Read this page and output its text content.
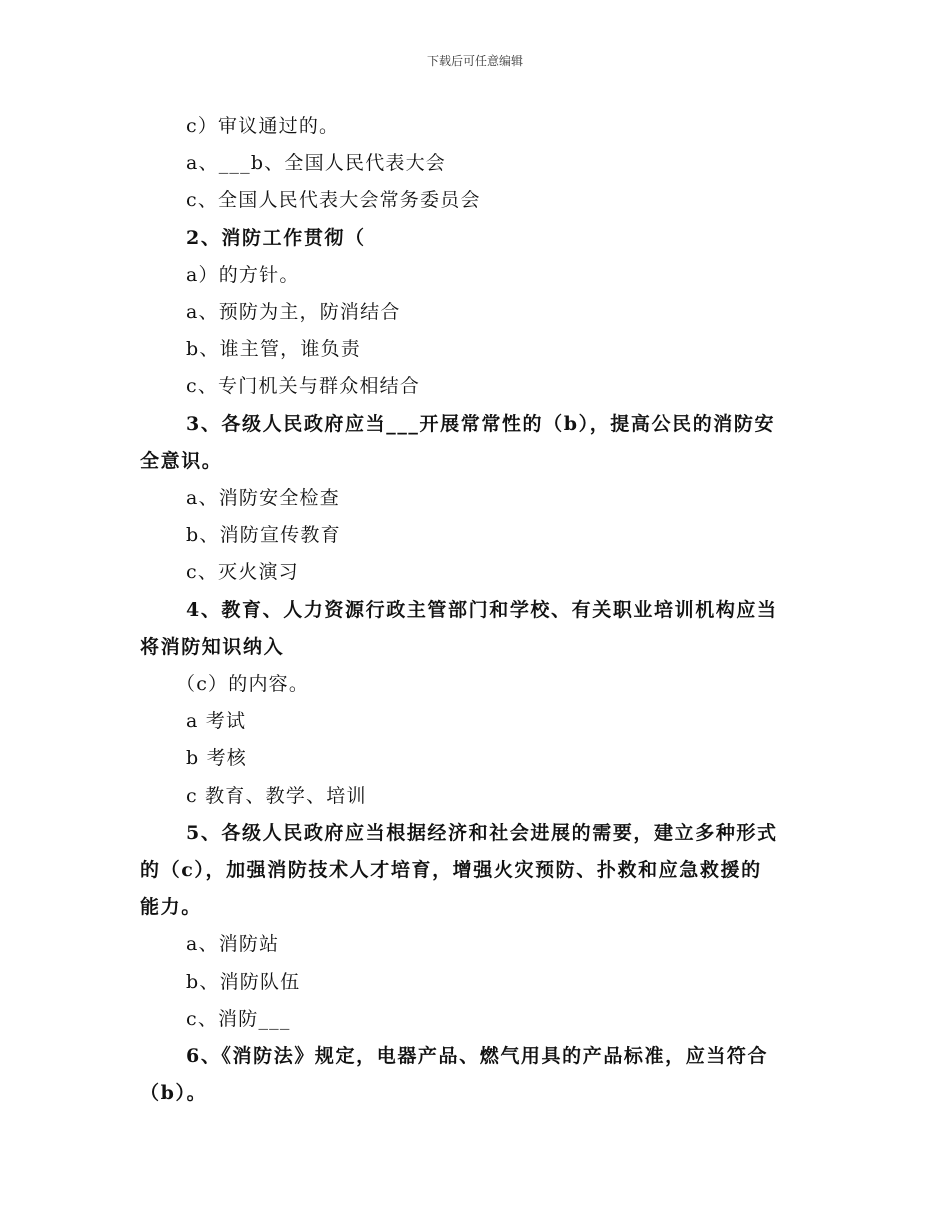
下载后可任意编辑
c）审议通过的。
a、___b、全国人民代表大会
c、全国人民代表大会常务委员会
2、消防工作贯彻（
a）的方针。
a、预防为主，防消结合
b、谁主管，谁负责
c、专门机关与群众相结合
3、各级人民政府应当___开展常常性的（b），提高公民的消防安
全意识。
a、消防安全检查
b、消防宣传教育
c、灭火演习
4、教育、人力资源行政主管部门和学校、有关职业培训机构应当
将消防知识纳入
（c）的内容。
a 考试
b 考核
c 教育、教学、培训
5、各级人民政府应当根据经济和社会进展的需要，建立多种形式
的（c），加强消防技术人才培育，增强火灾预防、扑救和应急救援的
能力。
a、消防站
b、消防队伍
c、消防___
6、《消防法》规定，电器产品、燃气用具的产品标准，应当符合
（b）。
